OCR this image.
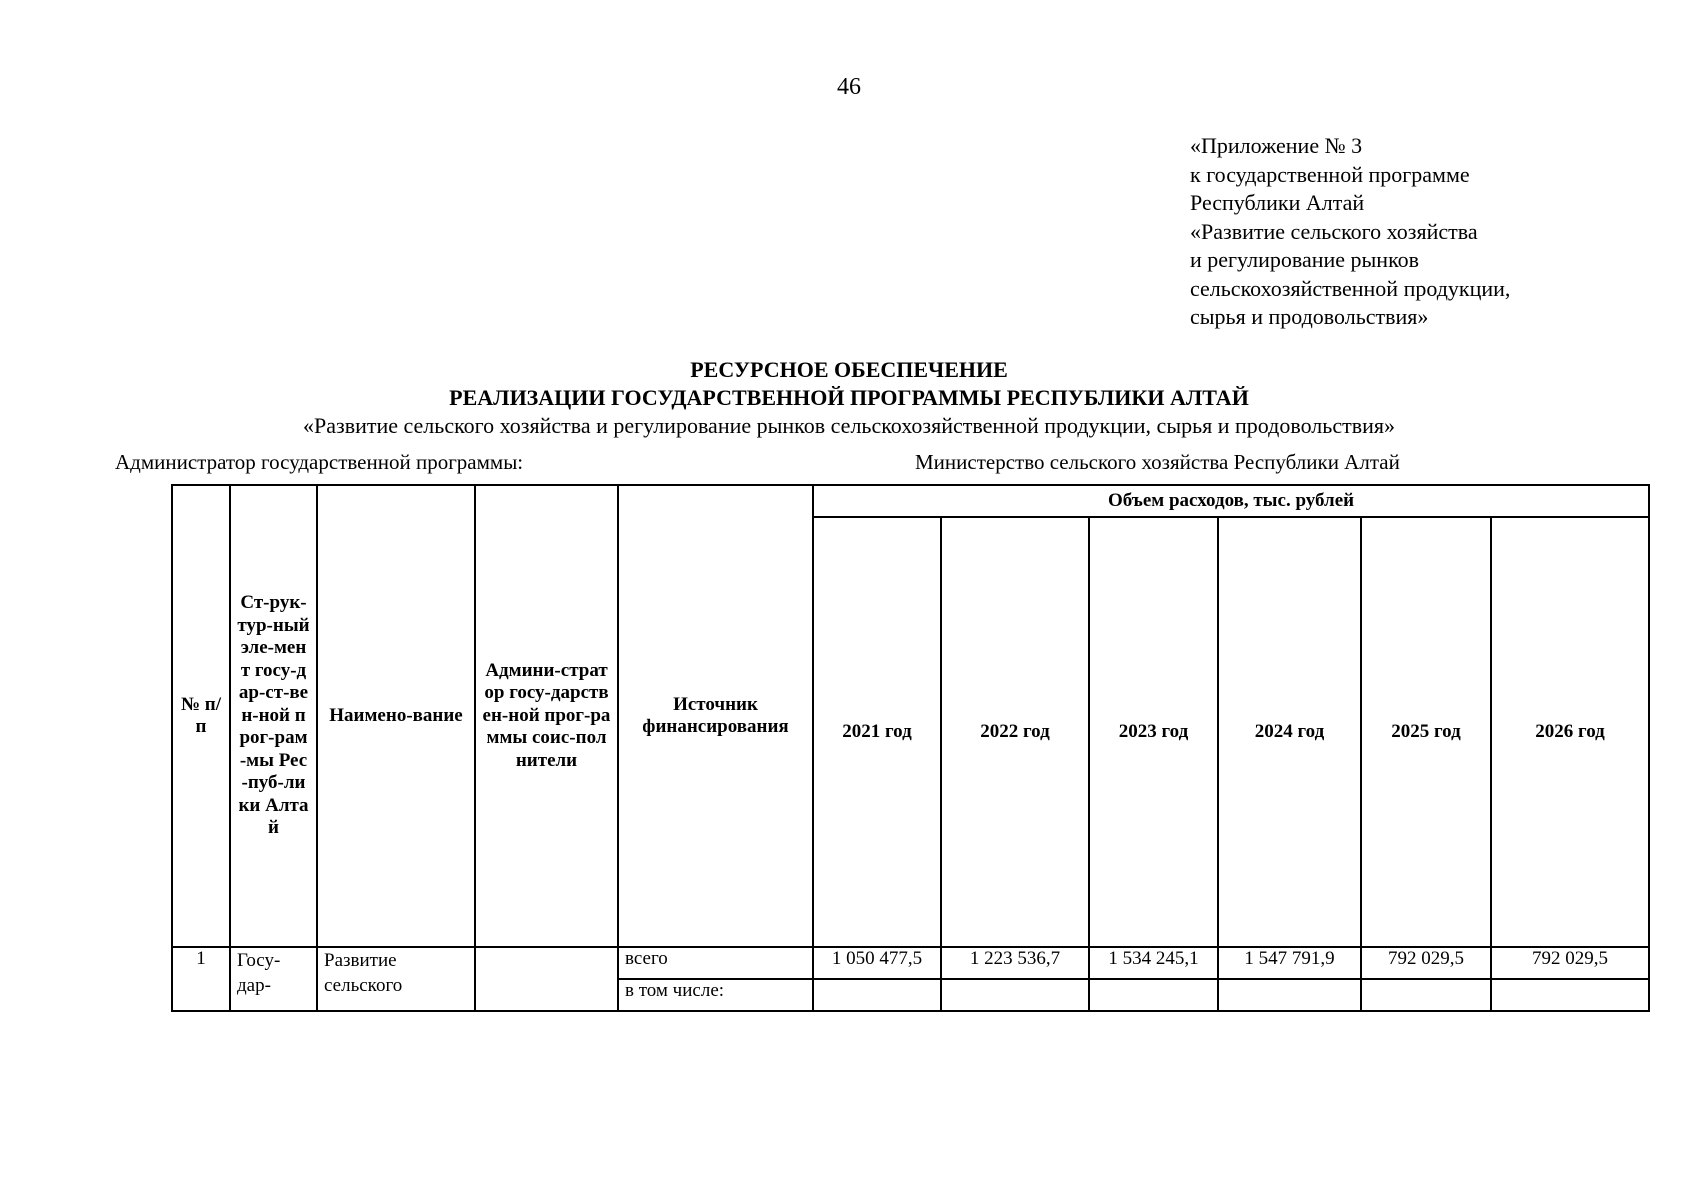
46
«Приложение № 3
к государственной программе
Республики Алтай
«Развитие сельского хозяйства
и регулирование рынков
сельскохозяйственной продукции,
сырья и продовольствия»
РЕСУРСНОЕ ОБЕСПЕЧЕНИЕ
РЕАЛИЗАЦИИ ГОСУДАРСТВЕННОЙ ПРОГРАММЫ РЕСПУБЛИКИ АЛТАЙ
«Развитие сельского хозяйства и регулирование рынков сельскохозяйственной продукции, сырья и продовольствия»
Администратор государственной программы:	Министерство сельского хозяйства Республики Алтай
№ п/п	Ст-рук-тур-ный эле-мент госу-дар-ст-вен-ной прог-рам-мы Рес-пуб-лики Алтай	Наимено-вание	Админи-стратор госу-дарствен-ной прог-раммы соис-полнители	Источник финансирования	Объем расходов, тыс. рублей					
					2021 год	2022 год	2023 год	2024 год	2025 год	2026 год
1	Госу-дар-	Развитие сельского		всего	1 050 477,5	1 223 536,7	1 534 245,1	1 547 791,9	792 029,5	792 029,5
				в том числе:						
